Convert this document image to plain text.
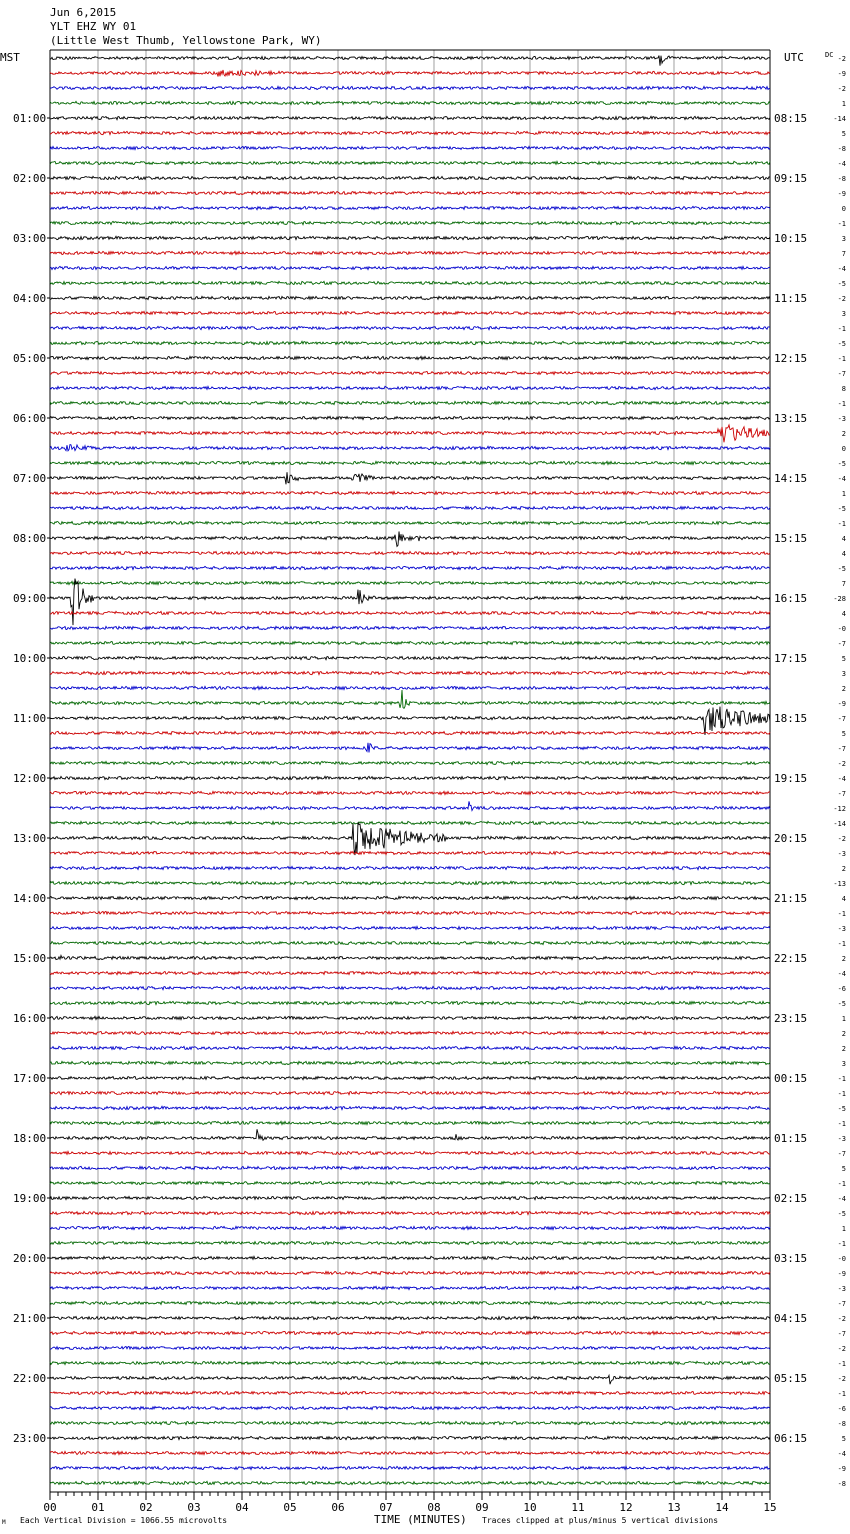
Jun 6,2015
YLT EHZ WY 01
(Little West Thumb, Yellowstone Park, WY)
MST	UTC	DC
01:00
02:00
03:00
04:00
05:00
06:00
07:00
08:00
09:00
10:00
11:00
12:00
13:00
14:00
15:00
16:00
17:00
18:00
19:00
20:00
21:00
22:00
23:00
08:15
09:15
10:15
11:15
12:15
13:15
14:15
15:15
16:15
17:15
18:15
19:15
20:15
21:15
22:15
23:15
00:15
01:15
02:15
03:15
04:15
05:15
06:15
-2
-9
-2
1
-14
5
-8
-4
-8
-9
0
-1
3
7
-4
-5
-2
3
-1
-5
-1
-7
8
-1
-3
2
0
-5
-4
1
-5
-1
4
4
-5
7
-28
4
-0
-7
5
3
2
-9
-7
5
-7
-2
-4
-7
-12
-14
-2
-3
2
-13
4
-1
-3
-1
2
-4
-6
-5
1
2
2
3
-1
-1
-5
-1
-3
-7
5
-1
-4
-5
1
-1
-0
-9
-3
-7
-2
-7
-2
-1
-2
-1
-6
-8
5
-4
-9
-8
00	01	02	03	04	05	06	07	08	09	10	11	12	13	14	15
M Each Vertical Division = 1066.55 microvolts	TIME (MINUTES) Traces clipped at plus/minus 5 vertical divisions
